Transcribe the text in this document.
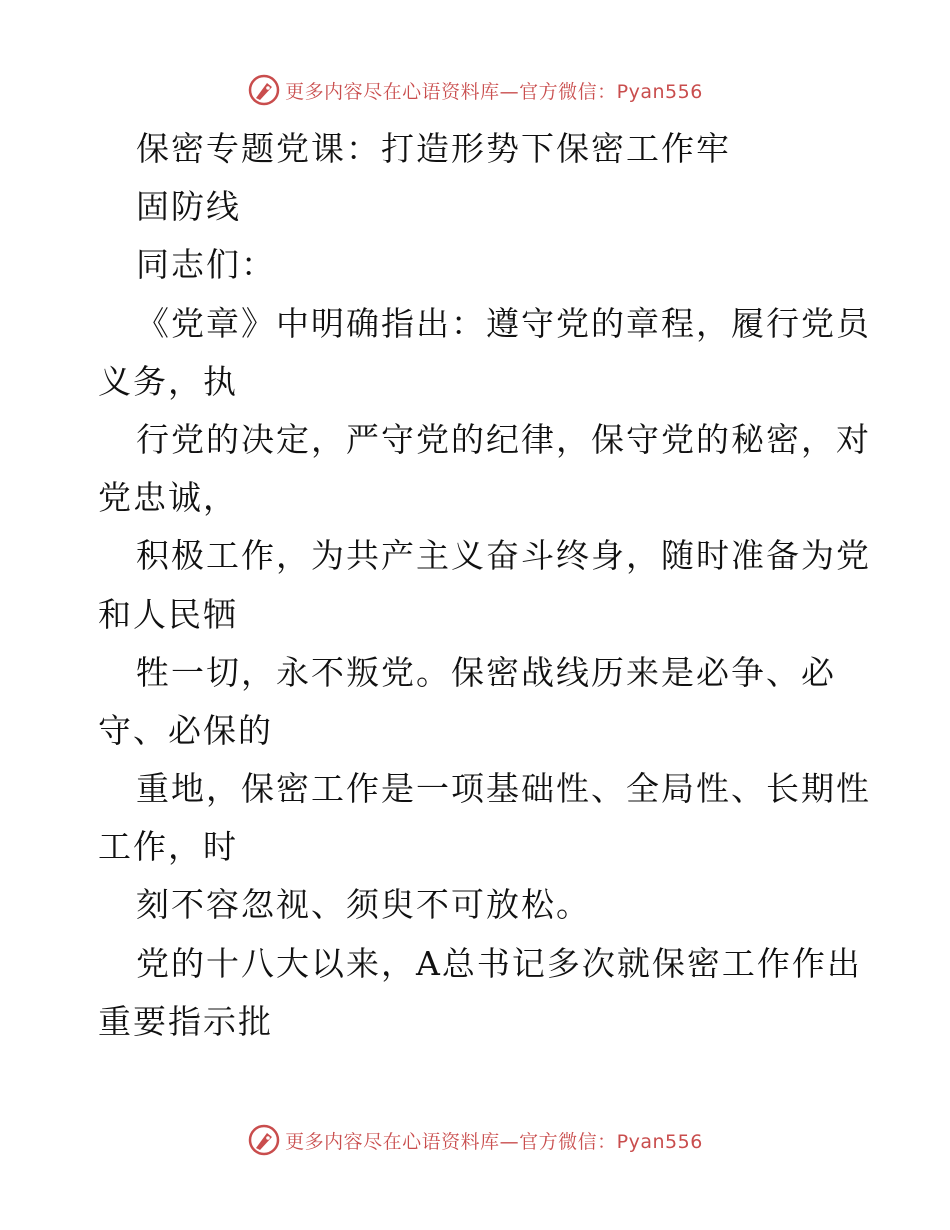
更多内容尽在心语资料库—官方微信：Pyan556
保密专题党课：打造形势下保密工作牢
固防线
同志们：
《党章》中明确指出：遵守党的章程，履行党员
义务，执
行党的决定，严守党的纪律，保守党的秘密，对
党忠诚，
积极工作，为共产主义奋斗终身，随时准备为党
和人民牺
牲一切，永不叛党。保密战线历来是必争、必
守、必保的
重地，保密工作是一项基础性、全局性、长期性
工作，时
刻不容忽视、须臾不可放松。
党的十八大以来，A总书记多次就保密工作作出
重要指示批
更多内容尽在心语资料库—官方微信：Pyan556
